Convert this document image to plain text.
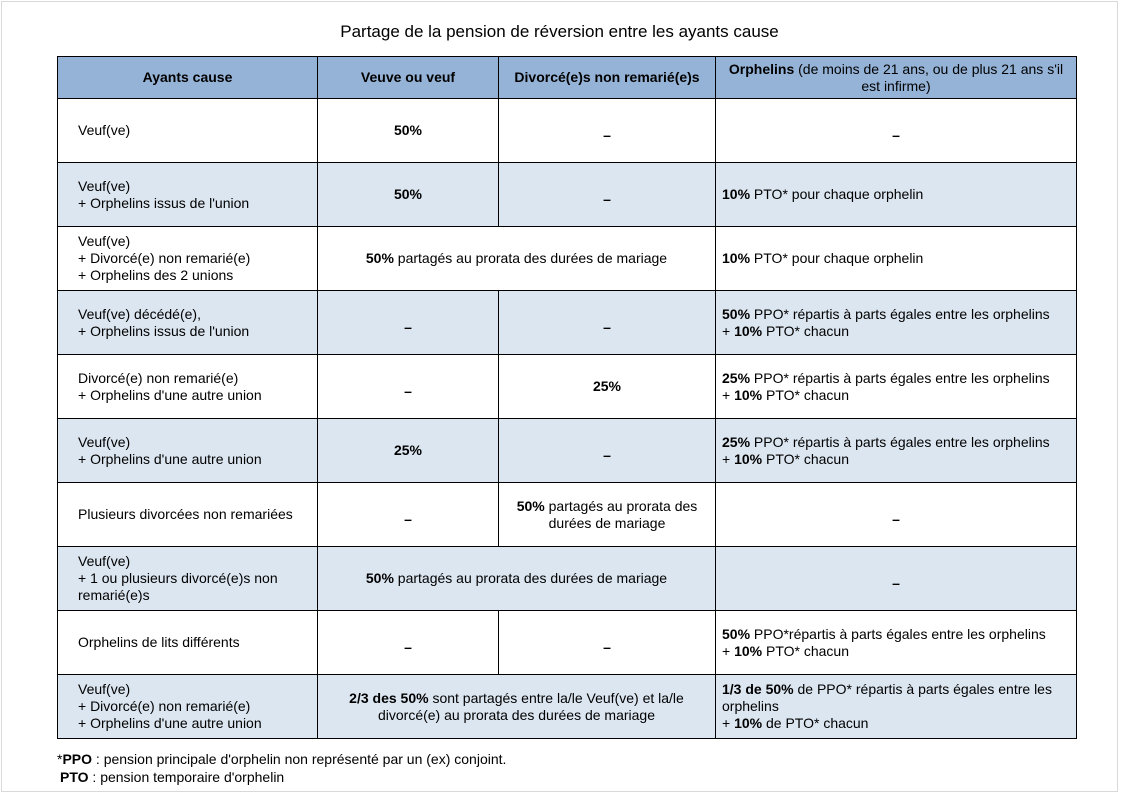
Partage de la pension de réversion entre les ayants cause
Ayants cause	Veuve ou veuf	Divorcé(e)s non remarié(e)s	Orphelins (de moins de 21 ans, ou de plus 21 ans s'il est infirme)
Veuf(ve)	50%	–	–
Veuf(ve)
+ Orphelins issus de l'union	50%	–	10% PTO* pour chaque orphelin
Veuf(ve)
+ Divorcé(e) non remarié(e)
+ Orphelins des 2 unions	50% partagés au prorata des durées de mariage		10% PTO* pour chaque orphelin
Veuf(ve) décédé(e),
+ Orphelins issus de l'union	–	–	50% PPO* répartis à parts égales entre les orphelins
+ 10% PTO* chacun
Divorcé(e) non remarié(e)
+ Orphelins d'une autre union	–	25%	25% PPO* répartis à parts égales entre les orphelins
+ 10% PTO* chacun
Veuf(ve)
+ Orphelins d'une autre union	25%	–	25% PPO* répartis à parts égales entre les orphelins
+ 10% PTO* chacun
Plusieurs divorcées non remariées	–	50% partagés au prorata des durées de mariage	–
Veuf(ve)
+ 1 ou plusieurs divorcé(e)s non remarié(e)s	50% partagés au prorata des durées de mariage		–
Orphelins de lits différents	–	–	50% PPO*répartis à parts égales entre les orphelins
+ 10% PTO* chacun
Veuf(ve)
+ Divorcé(e) non remarié(e)
+ Orphelins d'une autre union	2/3 des 50% sont partagés entre la/le Veuf(ve) et la/le divorcé(e) au prorata des durées de mariage		1/3 de 50% de PPO* répartis à parts égales entre les orphelins
+ 10% de PTO* chacun
*PPO : pension principale d'orphelin non représenté par un (ex) conjoint.
PTO : pension temporaire d'orphelin
